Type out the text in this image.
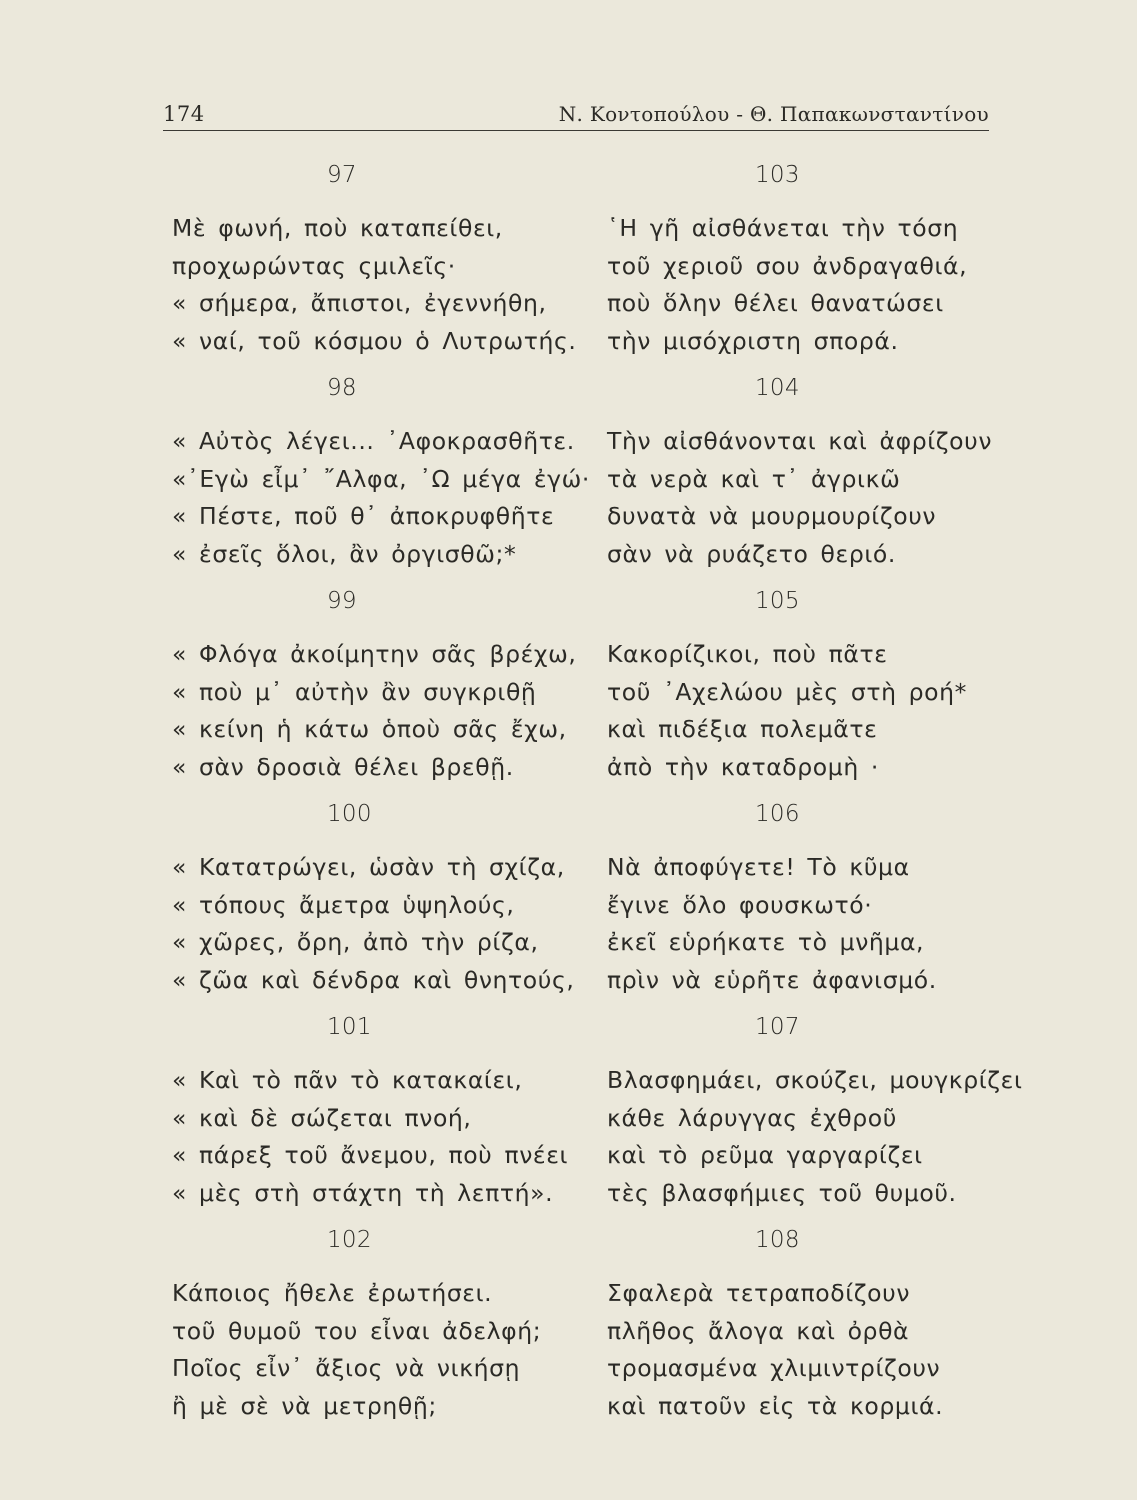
174	Ν. Κοντοπούλου - Θ. Παπακωνσταντίνου
97
Μὲ φωνή, ποὺ καταπείθει,
προχωρώντας ςμιλεῖς·
« σήμερα, ἄπιστοι, ἐγεννήθη,
« ναί, τοῦ κόσμου ὁ Λυτρωτής.
98
« Αὐτὸς λέγει... ᾿Αφοκρασθῆτε.
«᾿Εγὼ εἶμ᾿ ῎Αλφα, ᾿Ω μέγα ἐγώ·
« Πέστε, ποῦ θ᾿ ἀποκρυφθῆτε
« ἐσεῖς ὅλοι, ἂν ὀργισθῶ;*
99
« Φλόγα ἀκοίμητην σᾶς βρέχω,
« ποὺ μ᾿ αὐτὴν ἂν συγκριθῇ
« κείνη ἡ κάτω ὁποὺ σᾶς ἔχω,
« σὰν δροσιὰ θέλει βρεθῇ.
100
« Κατατρώγει, ὡσὰν τὴ σχίζα,
« τόπους ἄμετρα ὑψηλούς,
« χῶρες, ὄρη, ἀπὸ τὴν ρίζα,
« ζῶα καὶ δένδρα καὶ θνητούς,
101
« Καὶ τὸ πᾶν τὸ κατακαίει,
« καὶ δὲ σώζεται πνοή,
« πάρεξ τοῦ ἄνεμου, ποὺ πνέει
« μὲς στὴ στάχτη τὴ λεπτή».
102
Κάποιος ἤθελε ἐρωτήσει.
τοῦ θυμοῦ του εἶναι ἀδελφή;
Ποῖος εἶν᾿ ἄξιος νὰ νικήσῃ
ἢ μὲ σὲ νὰ μετρηθῇ;
103
῾Η γῆ αἰσθάνεται τὴν τόση
τοῦ χεριοῦ σου ἀνδραγαθιά,
ποὺ ὅλην θέλει θανατώσει
τὴν μισόχριστη σπορά.
104
Τὴν αἰσθάνονται καὶ ἀφρίζουν
τὰ νερὰ καὶ τ᾿ ἀγρικῶ
δυνατὰ νὰ μουρμουρίζουν
σὰν νὰ ρυάζετο θεριό.
105
Κακορίζικοι, ποὺ πᾶτε
τοῦ ᾿Αχελώου μὲς στὴ ροή*
καὶ πιδέξια πολεμᾶτε
ἀπὸ τὴν καταδρομὴ ·
106
Νὰ ἀποφύγετε! Τὸ κῦμα
ἔγινε ὅλο φουσκωτό·
ἐκεῖ εὑρήκατε τὸ μνῆμα,
πρὶν νὰ εὑρῆτε ἀφανισμό.
107
Βλασφημάει, σκούζει, μουγκρίζει
κάθε λάρυγγας ἐχθροῦ
καὶ τὸ ρεῦμα γαργαρίζει
τὲς βλασφήμιες τοῦ θυμοῦ.
108
Σφαλερὰ τετραποδίζουν
πλῆθος ἄλογα καὶ ὀρθὰ
τρομασμένα χλιμιντρίζουν
καὶ πατοῦν εἰς τὰ κορμιά.
